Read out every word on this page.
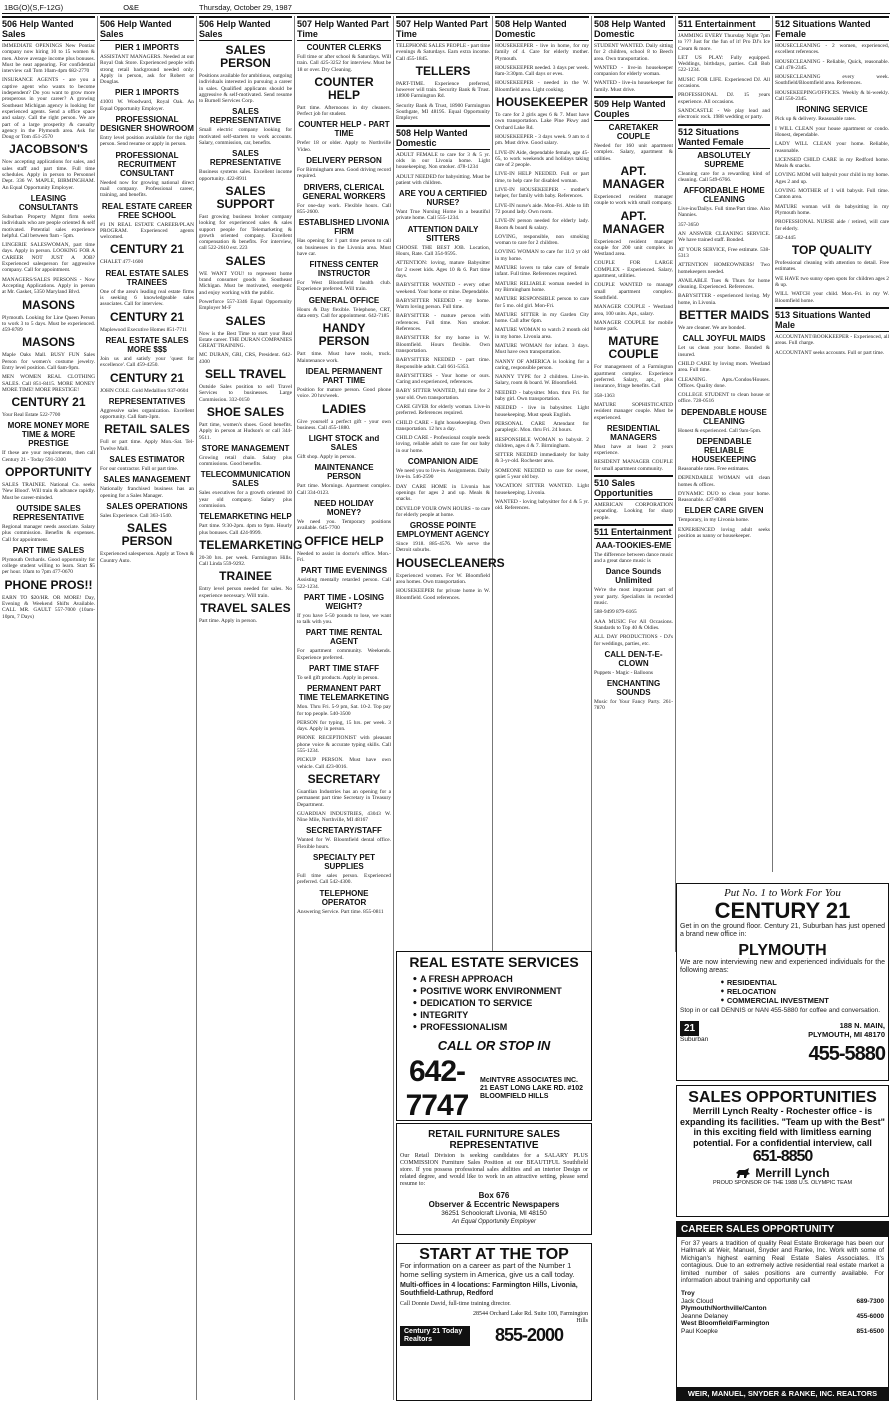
1BG(O)(S,F-12G)	O&E	Thursday, October 29, 1987
506 Help Wanted Sales
IMMEDIATE OPENINGS New Pontiac company now hiring 10 to 15 women & men. Above average income plus bonuses. Must be neat appearing. For confidential interview call Tom 10am-4pm 682-2770
INSURANCE AGENTS - are you a captive agent who wants to become independent? Do you want to grow more prosperous in your career? A growing Southeast Michigan agency is looking for experienced agents. Send a office space and salary. Call the right person. We are part of a large prosperity & casualty agency in the Plymouth area. Ask for Doug or Tom 451-2570
JACOBSON'S
Now accepting applications for sales, and sales staff and part time. Full time schedules. Apply in person to Personnel Dept. 336 W. MAPLE, BIRMINGHAM. An Equal Opportunity Employer.
LEASING CONSULTANTS
Suburban Property Mgmt firm seeks individuals who are people oriented & self motivated. Potential sales experience helpful. Call between 9am - 5pm.
LINGERIE SALESWOMAN, part time days. Apply in person. LOOKING FOR A CAREER NOT JUST A JOB? Experienced salesperson for aggressive company. Call for appointment.
MANAGERS/SALES PERSONS - Now Accepting Applications. Apply in person at Mr. Gasket, 5350 Maryland Blvd.
MASONS
Plymouth. Looking for Line Queen Person to work 3 to 5 days. Must be experienced. 459-8789
MASONS
Maple Oaks Mall. BUSY FUN Sales Person for women's costume jewelry. Entry level position. Call 6am-9pm.
MEN WOMEN REAL CLOTHING SALES. Call 851-8415. MORE MONEY MORE TIME! MORE PRESTIGE!
CENTURY 21
Your Real Estate 522-7700
MORE MONEY MORE TIME & MORE PRESTIGE
If these are your requirements, then call Century 21 - Today 591-3300
OPPORTUNITY
SALES TRAINEE. National Co. seeks 'New Blood'. Will train & advance rapidly. Must be career-minded.
OUTSIDE SALES REPRESENTATIVE
Regional manager needs associate. Salary plus commission. Benefits & expenses. Call for appointment.
PART TIME SALES
Plymouth Orchards. Good opportunity for college student willing to learn. Start $5 per hour. 10am to 7pm 477-0670
PHONE PROS!!
EARN TO $20/HR. OR MORE! Day, Evening & Weekend Shifts Available. CALL MR. GAULT 557-7000 (10am-10pm, 7 Days)
506 Help Wanted Sales
PIER 1 IMPORTS
ASSISTANT MANAGERS. Needed at our Royal Oak Store. Experienced people with strong retail background needed only. Apply in person, ask for Robert or Douglas.
PIER 1 IMPORTS
41001 W. Woodward, Royal Oak. An Equal Opportunity Employer.
PROFESSIONAL DESIGNER SHOWROOM
Entry level position available for the right person. Send resume or apply in person.
PROFESSIONAL RECRUITMENT CONSULTANT
Needed now for growing national direct mail company. Professional career, training, and benefits.
REAL ESTATE CAREER FREE SCHOOL
#1 IN REAL ESTATE CAREER/PLAN PROGRAM. Experienced agents welcomed.
CENTURY 21
CHALET 477-1600
REAL ESTATE SALES TRAINEES
One of the area's leading real estate firms is seeking 6 knowledgeable sales associates. Call for interview.
CENTURY 21
Maplewood Executive Homes 851-7711
REAL ESTATE SALES MORE $$$
Join us and satisfy your 'quest for excellence'. Call 459-4250.
CENTURY 21
JOHN COLE. Gold Medallion 937-0604
REPRESENTATIVES
Aggressive sales organization. Excellent opportunity. Call 8am-3pm.
RETAIL SALES
Full or part time. Apply Mon.-Sat. Tel-Twelve Mall.
SALES ESTIMATOR
For our contractor. Full or part time.
SALES MANAGEMENT
Nationally franchised business has an opening for a Sales Manager.
SALES OPERATIONS
Sales Experience. Call 363-1540.
SALES PERSON
Experienced salesperson. Apply at Town & Country Auto.
506 Help Wanted Sales
SALES PERSON
Positions available for ambitious, outgoing individuals interested in pursuing a career in sales. Qualified applicants should be aggressive & self-motivated. Send resume to Burnell Services Corp.
SALES REPRESENTATIVE
Small electric company looking for motivated self-starters to work accounts. Salary, commission, car, benefits.
SALES REPRESENTATIVE
Business systems sales. Excellent income opportunity. 422-8911
SALES SUPPORT
Fast growing business broker company looking for experienced sales & sales support people for Telemarketing & growth oriented company. Excellent compensation & benefits. For interview, call 522-2610 ext. 223
SALES
WE WANT YOU! to represent home brand consumer goods in Southeast Michigan. Must be motivated, energetic and enjoy working with the public.
Powerforce 557-3346 Equal Opportunity Employer M-F
SALES
Now is the Best Time to start your Real Estate career. THE DURAN COMPANIES GREAT TRAINING.
MC DURAN, GRI, CRS, President. 642-4300
SELL TRAVEL
Outside Sales position to sell Travel Services to businesses. Large Commission. 332-0150
SHOE SALES
Part time, women's shoes. Good benefits. Apply in person at Hudson's or call 344-9511.
STORE MANAGEMENT
Growing retail chain. Salary plus commissions. Good benefits.
TELECOMMUNICATION SALES
Sales executives for a growth oriented 10 year old company. Salary plus commission.
TELEMARKETING HELP
Part time. 9:30-2pm. 4pm to 9pm. Hourly plus bonuses. Call 424-9999.
TELEMARKETING
20-30 hrs. per week. Farmington Hills. Call Linda 559-9292.
TRAINEE
Entry level person needed for sales. No experience necessary. Will train.
TRAVEL SALES
Part time. Apply in person.
507 Help Wanted Part Time
COUNTER CLERKS
Full time or after school & Saturdays. Will train. Call 425-3252 for interview. Must be 18 or over. Dry Cleaning.
COUNTER HELP
Part time. Afternoons in dry cleaners. Perfect job for student.
COUNTER HELP - PART TIME
Prefer 18 or older. Apply to Northville Video.
DELIVERY PERSON
For Birmingham area. Good driving record required.
DRIVERS, CLERICAL GENERAL WORKERS
For one-day work. Flexible hours. Call 855-2600.
ESTABLISHED LIVONIA FIRM
Has opening for 1 part time person to call on businesses in the Livonia area. Must have car.
FITNESS CENTER INSTRUCTOR
For West Bloomfield health club. Experience preferred. Will train.
GENERAL OFFICE
Hours & Day flexible. Telephone, CRT, data entry. Call for appointment. 642-7185
HANDY PERSON
Part time. Must have tools, truck. Maintenance work.
IDEAL PERMANENT PART TIME
Position for mature person. Good phone voice. 20 hrs/week.
LADIES
Give yourself a perfect gift - your own business. Call 455-1880.
LIGHT STOCK and SALES
Gift shop. Apply in person.
MAINTENANCE PERSON
Part time. Mornings. Apartment complex. Call 334-0123.
NEED HOLIDAY MONEY?
We need you. Temporary positions available. 645-7700
OFFICE HELP
Needed to assist in doctor's office. Mon.-Fri.
PART TIME EVENINGS
Assisting mentally retarded person. Call 522-1234.
PART TIME - LOSING WEIGHT?
If you have 5-50 pounds to lose, we want to talk with you.
PART TIME RENTAL AGENT
For apartment community. Weekends. Experience preferred.
PART TIME STAFF
To sell gift products. Apply in person.
PERMANENT PART TIME TELEMARKETING
Mon. Thru Fri. 5-9 pm, Sat. 10-2. Top pay for top people. 540-3500
PERSON for typing, 15 hrs. per week. 3 days. Apply in person.
PHONE RECEPTIONIST with pleasant phone voice & accurate typing skills. Call 555-1234.
PICKUP PERSON. Must have own vehicle. Call 423-0016.
SECRETARY
Guardian Industries has an opening for a permanent part time Secretary in Treasury Department.
GUARDIAN INDUSTRIES, 43043 W. Nine Mile, Northville, MI 48167
SECRETARY/STAFF
Wanted for W. Bloomfield dental office. Flexible hours.
SPECIALTY PET SUPPLIES
Full time sales person. Experienced preferred. Call 542-4300.
TELEPHONE OPERATOR
Answering Service. Part time. 855-0811
507 Help Wanted Part Time
TELEPHONE SALES PEOPLE - part time evenings & Saturdays. Earn extra income. Call 455-1845.
TELLERS
PART-TIME. Experience preferred, however will train. Security Bank & Trust. 18900 Farmington Rd.
Security Bank & Trust, 18900 Farmington Southgate, MI 48195. Equal Opportunity Employer.
508 Help Wanted Domestic
ADULT FEMALE to care for 3 & 5 yr. olds in our Livonia home. Light housekeeping. Non smoker. 478-1234
ADULT NEEDED for babysitting. Must be patient with children.
ARE YOU A CERTIFIED NURSE?
Want True Nursing Home in a beautiful private home. Call 555-1234.
ATTENTION DAILY SITTERS
CHOOSE THE BEST JOB. Location, Hours, Rate. Call 354-9595.
ATTENTION: loving, mature Babysitter for 2 sweet kids. Ages 10 & 6. Part time days.
BABYSITTER WANTED - every other weekend. Your home or mine. Dependable.
BABYSITTER NEEDED - my home. Warm loving person. Full time.
BABYSITTER - mature person with references. Full time. Non smoker. References.
BABYSITTER for my home in W. Bloomfield. Hours flexible. Own transportation.
BABYSITTER NEEDED - part time. Responsible adult. Call 661-5353.
BABYSITTERS - Your home or ours. Caring and experienced, references.
BABY SITTER WANTED, full time for 2 year old. Own transportation.
CARE GIVER for elderly woman. Live-in preferred. References required.
CHILD CARE - light housekeeping. Own transportation. 12 hrs a day.
CHILD CARE - Professional couple needs loving, reliable adult to care for our baby in our home.
COMPANION AIDE
We need you to live-in. Assignments. Daily live-in. 546-2590
DAY CARE HOME in Livonia has openings for ages 2 and up. Meals & snacks.
DEVELOP YOUR OWN HOURS - to care for elderly people at home.
GROSSE POINTE EMPLOYMENT AGENCY
Since 1918. 885-4576. We serve the Detroit suburbs.
HOUSECLEANERS
Experienced women. For W. Bloomfield area homes. Own transportation.
HOUSEKEEPER for private home in W. Bloomfield. Good references.
508 Help Wanted Domestic
HOUSEKEEPER - live in home, for my family of 4. Care for elderly mother. Plymouth.
HOUSEKEEPER needed. 3 days per week. 8am-3:30pm. Call days or eves.
HOUSEKEEPER - needed in the W. Bloomfield area. Light cooking.
HOUSEKEEPER
To care for 2 girls ages 6 & 7. Must have own transportation. Lake Pine Pkwy and Orchard Lake Rd.
HOUSEKEEPER - 3 days week. 9 am to 4 pm. Must drive. Good salary.
LIVE-IN Aide, dependable female, age 45-65, to work weekends and holidays taking care of 2 people.
LIVE-IN HELP NEEDED. Full or part time, to help care for disabled woman.
LIVE-IN HOUSEKEEPER - mother's helper, for family with baby. References.
LIVE-IN nurse's aide. Mon-Fri. Able to lift 72 pound lady. Own room.
LIVE-IN person needed for elderly lady. Room & board & salary.
LOVING, responsible, non smoking woman to care for 2 children.
LOVING WOMAN to care for 11/2 yr old in my home.
MATURE lovers to take care of female infant. Full time. References required.
MATURE RELIABLE woman needed in my Birmingham home.
MATURE RESPONSIBLE person to care for 5 mo. old girl. Mon-Fri.
MATURE SITTER in my Garden City home. Call after 6pm.
MATURE WOMAN to watch 2 month old in my home. Livonia area.
MATURE WOMAN for infant. 3 days. Must have own transportation.
NANNY OF AMERICA is looking for a caring, responsible person.
NANNY TYPE for 2 children. Live-in. Salary, room & board. W. Bloomfield.
NEEDED - babysitter. Mon. thru Fri. for baby girl. Own transportation.
NEEDED - live in babysitter. Light housekeeping. Must speak English.
PERSONAL CARE Attendant for paraplegic. Mon. thru Fri. 24 hours.
RESPONSIBLE WOMAN to babysit. 2 children, ages 4 & 7. Birmingham.
SITTER NEEDED immediately for baby & 3-yr-old. Rochester area.
SOMEONE NEEDED to care for sweet, quiet 5 year old boy.
VACATION SITTER WANTED. Light housekeeping. Livonia.
WANTED - loving babysitter for 4 & 5 yr. old. References.
508 Help Wanted Domestic
STUDENT WANTED. Daily sitting for 2 children, school 8 to Beech area. Own transportation.
WANTED - live-in housekeeper companion for elderly woman.
WANTED - live-in housekeeper for family. Must drive.
509 Help Wanted Couples
CARETAKER COUPLE
Needed for 160 unit apartment complex. Salary, apartment & utilities.
APT. MANAGER
Experienced resident manager couple to work with small company.
APT. MANAGER
Experienced resident manager couple for 200 unit complex in Westland area.
COUPLE FOR LARGE COMPLEX - Experienced. Salary, apartment, utilities.
COUPLE WANTED to manage small apartment complex. Southfield.
MANAGER COUPLE - Westland area, 100 units. Apt., salary.
MANAGER COUPLE for mobile home park.
MATURE COUPLE
For management of a Farmington apartment complex. Experience preferred. Salary, apt., plus insurance, fringe benefits. Call
358-1363
MATURE SOPHISTICATED resident manager couple. Must be experienced.
RESIDENTIAL MANAGERS
Must have at least 2 years experience.
RESIDENT MANAGER COUPLE for small apartment community.
510 Sales Opportunities
AMERICAN CORPORATION expanding. Looking for sharp people.
511 Entertainment
AAA-TOOKIES-EME
The difference between dance music and a great dance music is
Dance Sounds Unlimited
We're the most important part of your party. Specialists in recorded music.
588-9499 879-6165
AAA MUSIC For All Occasions. Standards to Top 40 & Oldies.
ALL DAY PRODUCTIONS - DJ's for weddings, parties, etc.
CALL DEN-T-E-CLOWN
Puppets - Magic - Balloons
ENCHANTING SOUNDS
Music for Your Fancy Party. 261-7870
511 Entertainment
JAMMING EVERY Thursday Night 7pm to ??? Just for the fun of it! Pro DJ's Ice Cream & more.
LET US PLAY: Fully equipped. Weddings, birthdays, parties. Call Bob 522-1234.
MUSIC FOR LIFE. Experienced DJ. All occasions.
PROFESSIONAL DJ. 15 years experience. All occasions.
SANDCASTLE - We play lead and electronic rock. 1988 wedding or party.
512 Situations Wanted Female
ABSOLUTELY SUPREME
Cleaning care for a rewarding kind of cleaning. Call 549-6766.
AFFORDABLE HOME CLEANING
Live-ins/Dailys. Full time/Part time. Also Nannies.
357-3650
AN ANSWER CLEANING SERVICE. We have trained staff. Bonded.
AT YOUR SERVICE, Free estimate. 538-5313
ATTENTION HOMEOWNERS! Two homekeepers needed.
AVAILABLE Tues & Thurs for home cleaning. Experienced. References.
BABYSITTER - experienced loving. My home, in Livonia.
BETTER MAIDS
We are cleaner. We are bonded.
CALL JOYFUL MAIDS
Let us clean your home. Bonded & insured.
CHILD CARE by loving mom. Westland area. Full time.
CLEANING. Apts./Condos/Houses. Offices. Quality done.
COLLEGE STUDENT to clean house or office. 728-0516
DEPENDABLE HOUSE CLEANING
Honest & experienced. Call 9am-5pm.
DEPENDABLE RELIABLE HOUSEKEEPING
Reasonable rates. Free estimates.
DEPENDABLE WOMAN will clean homes & offices.
DYNAMIC DUO to clean your home. Reasonable. 427-8086
ELDER CARE GIVEN
Temporary, in my Livonia home.
EXPERIENCED loving adult seeks position as nanny or housekeeper.
512 Situations Wanted Female
HOUSECLEANING - 2 women, experienced, excellent references.
HOUSECLEANING - Reliable, Quick, reasonable. Call 478-2345.
HOUSECLEANING every week. Southfield/Bloomfield area. References.
HOUSEKEEPING/OFFICES. Weekly & bi-weekly. Call 550-2345.
IRONING SERVICE
Pick up & delivery. Reasonable rates.
I WILL CLEAN your house apartment or condo. Honest, dependable.
LADY WILL CLEAN your home. Reliable, reasonable.
LICENSED CHILD CARE in my Redford home. Meals & snacks.
LOVING MOM will babysit your child in my home. Ages 2 and up.
LOVING MOTHER of 1 will babysit. Full time. Canton area.
MATURE woman will do babysitting in my Plymouth home.
PROFESSIONAL NURSE aide / retired, will care for elderly.
582-4445
TOP QUALITY
Professional cleaning with attention to detail. Free estimates.
WE HAVE two sunny open spots for children ages 2 & up.
WILL WATCH your child. Mon.-Fri. in my W. Bloomfield home.
513 Situations Wanted Male
ACCOUNTANT/BOOKKEEPER - Experienced, all areas. Full charge.
ACCOUNTANT seeks accounts. Full or part time.
REAL ESTATE SERVICES
• A FRESH APPROACH
• POSITIVE WORK ENVIRONMENT
• DEDICATION TO SERVICE
• INTEGRITY
• PROFESSIONALISM
CALL OR STOP IN
642-7747
McINTYRE ASSOCIATES INC.
21 EAST LONG LAKE RD. #102 BLOOMFIELD HILLS
RETAIL FURNITURE SALES REPRESENTATIVE
Our Retail Division is seeking candidates for a SALARY PLUS COMMISSION Furniture Sales Position at our BEAUTIFUL Southfield store. If you possess professional sales abilities and an interior Design or related degree, and would like to work in an attractive setting, please send resume to:
Box 676
Observer & Eccentric Newspapers
36251 Schoolcraft Livonia, MI 48150
An Equal Opportunity Employer
START AT THE TOP
For information on a career as part of the Number 1 home selling system in America, give us a call today.
Multi-offices in 4 locations: Farmington Hills, Livonia, Southfield-Lathrup, Redford
Call Donnie David, full-time training director.
Century 21 Today Realtors
28544 Orchard Lake Rd. Suite 100, Farmington Hills
855-2000
Put No. 1 to Work For You
CENTURY 21
Get in on the ground floor. Century 21, Suburban has just opened a brand new office in:
PLYMOUTH
We are now interviewing new and experienced individuals for the following areas:
• RESIDENTIAL
• RELOCATION
• COMMERCIAL INVESTMENT
Stop in or call DENNIS or NAN 455-5880 for coffee and conversation.
21
Suburban
188 N. MAIN,
PLYMOUTH, MI 48170
455-5880
SALES OPPORTUNITIES
Merrill Lynch Realty - Rochester office - is expanding its facilities. "Team up with the Best" in this exciting field with limitless earning potential. For a confidential interview, call
651-8850
Merrill Lynch
PROUD SPONSOR OF THE 1988 U.S. OLYMPIC TEAM
CAREER SALES OPPORTUNITY
For 37 years a tradition of quality Real Estate Brokerage has been our Hallmark at Weir, Manuel, Snyder and Ranke, Inc. Work with some of Michigan's highest earning Real Estate Sales Associates. It's contagious. Due to an extremely active residential real estate market a limited number of sales positions are currently available. For information about training and opportunity call
Troy
Jack Cloud	689-7300
Plymouth/Northville/Canton
Jeanne Delaney	455-6000
West Bloomfield/Farmington
Paul Koepke	851-6500
WEIR, MANUEL, SNYDER & RANKE, INC. REALTORS
